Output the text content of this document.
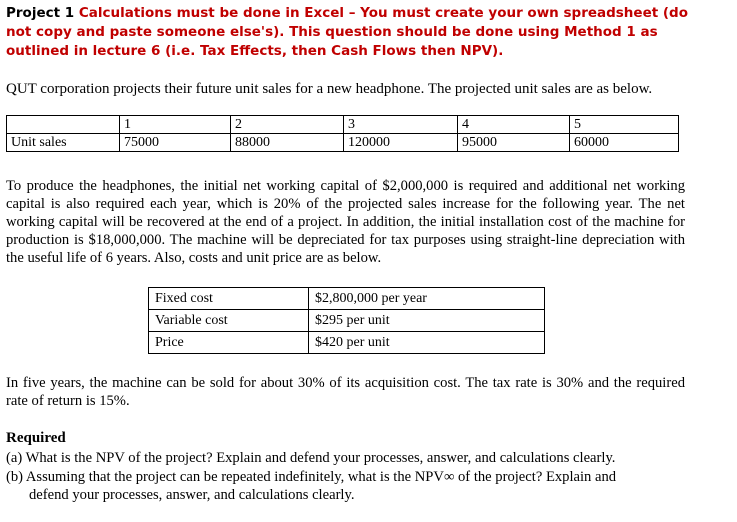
Project 1 Calculations must be done in Excel – You must create your own spreadsheet (do not copy and paste someone else's). This question should be done using Method 1 as outlined in lecture 6 (i.e. Tax Effects, then Cash Flows then NPV).
QUT corporation projects their future unit sales for a new headphone. The projected unit sales are as below.
	1	2	3	4	5
Unit sales	75000	88000	120000	95000	60000
To produce the headphones, the initial net working capital of $2,000,000 is required and additional net working capital is also required each year, which is 20% of the projected sales increase for the following year. The net working capital will be recovered at the end of a project. In addition, the initial installation cost of the machine for production is $18,000,000. The machine will be depreciated for tax purposes using straight-line depreciation with the useful life of 6 years. Also, costs and unit price are as below.
Fixed cost	$2,800,000 per year
Variable cost	$295 per unit
Price	$420 per unit
In five years, the machine can be sold for about 30% of its acquisition cost. The tax rate is 30% and the required rate of return is 15%.
Required
(a) What is the NPV of the project? Explain and defend your processes, answer, and calculations clearly.
(b) Assuming that the project can be repeated indefinitely, what is the NPV∞ of the project? Explain and
defend your processes, answer, and calculations clearly.
